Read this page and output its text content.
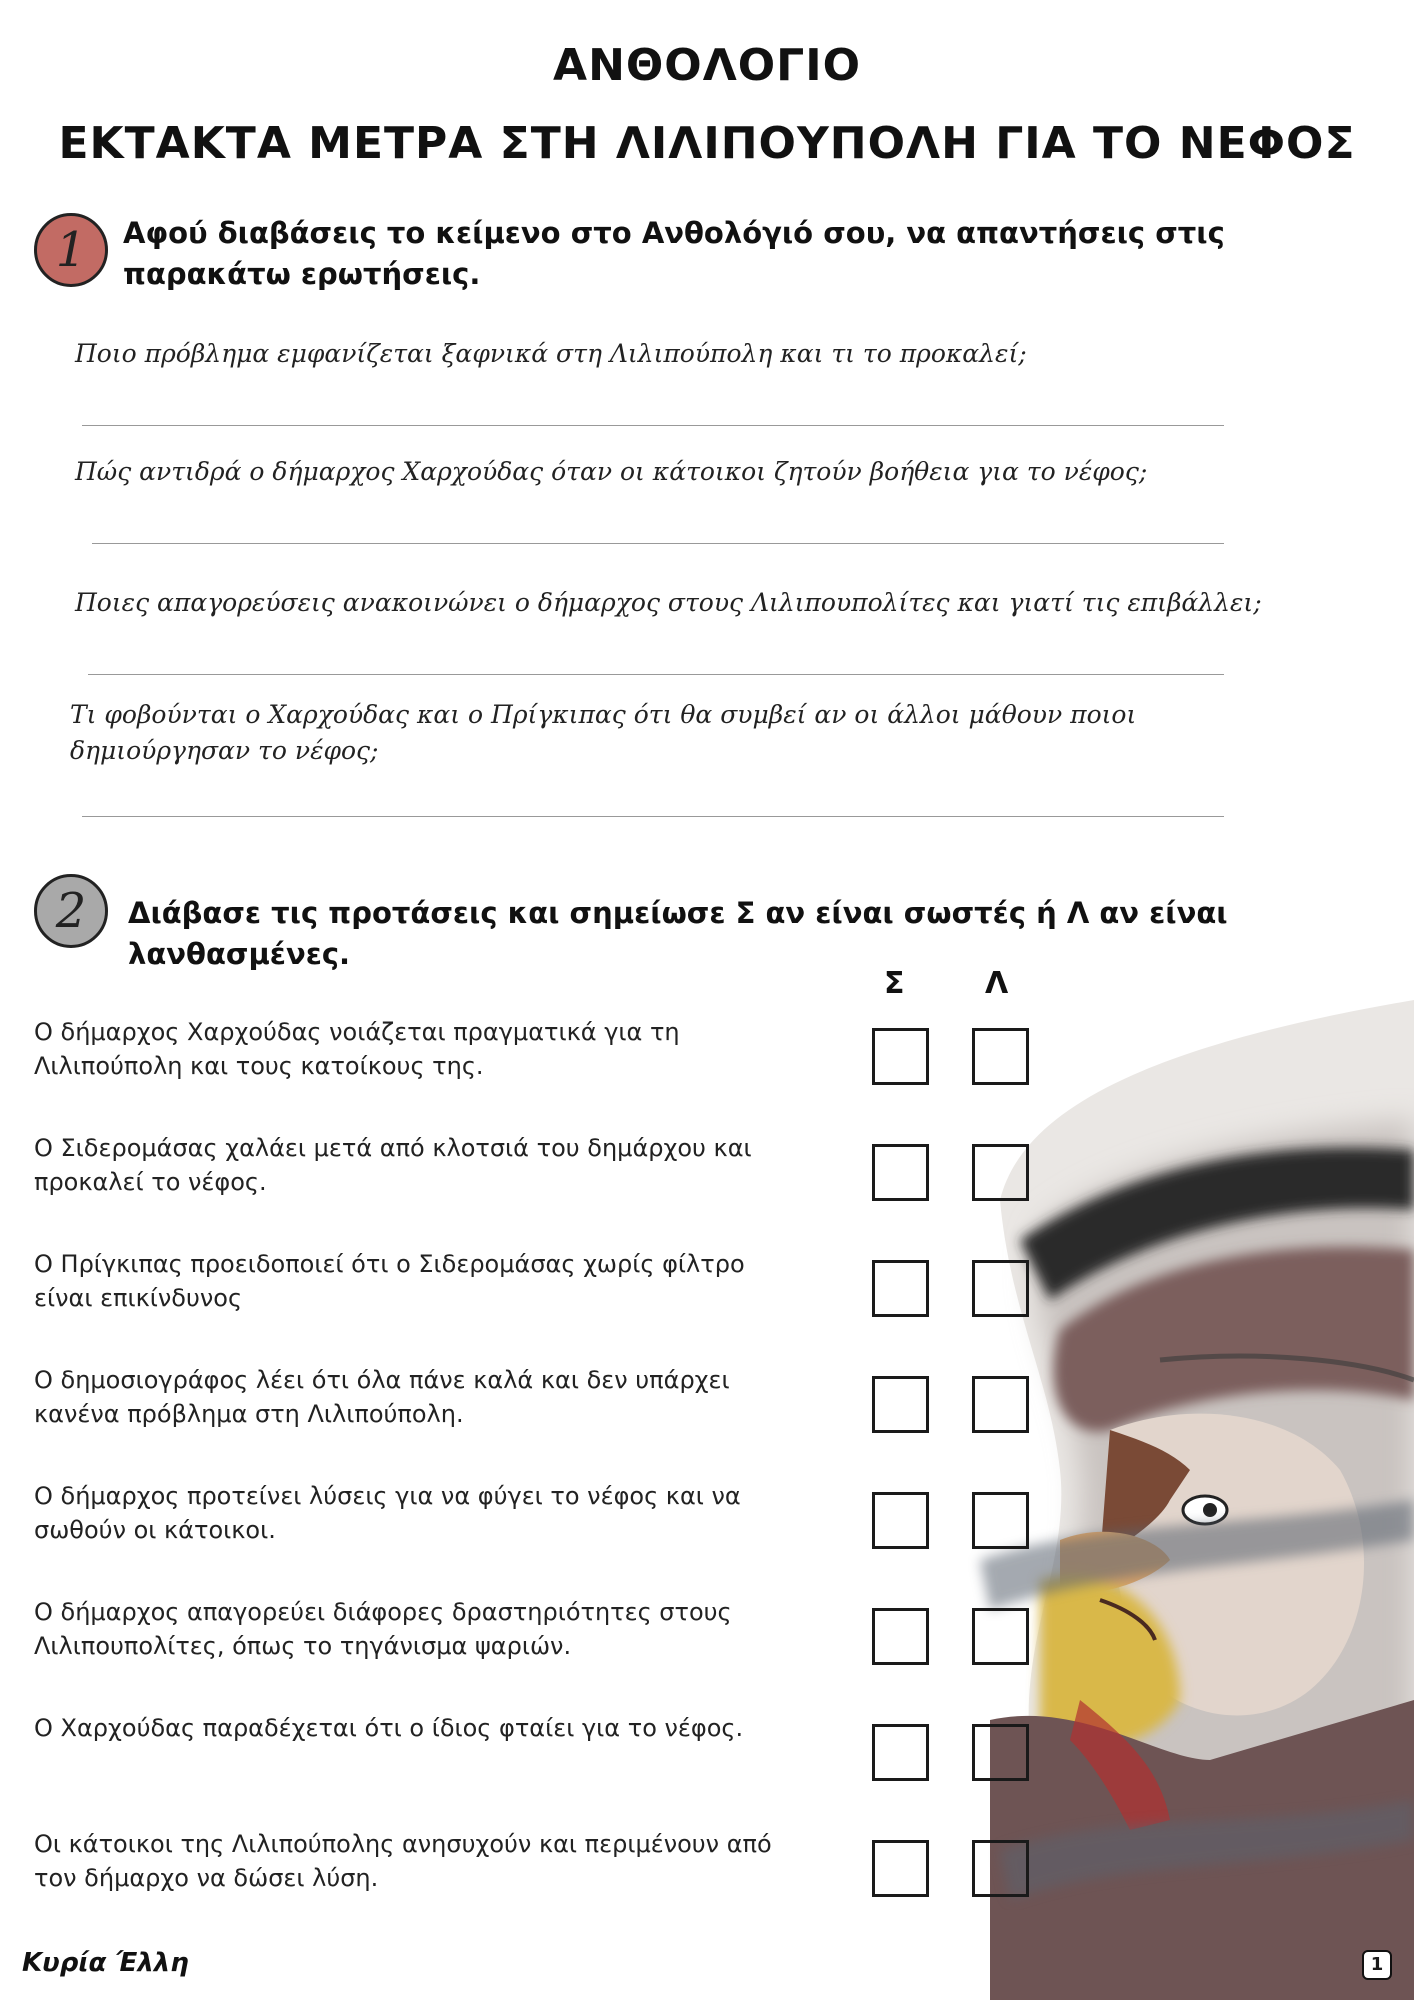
ΑΝΘΟΛΟΓΙΟ
ΕΚΤΑΚΤΑ ΜΕΤΡΑ ΣΤΗ ΛΙΛΙΠΟΥΠΟΛΗ ΓΙΑ ΤΟ ΝΕΦΟΣ
1	Αφού διαβάσεις το κείμενο στο Ανθολόγιό σου, να απαντήσεις στις παρακάτω ερωτήσεις.
Ποιο πρόβλημα εμφανίζεται ξαφνικά στη Λιλιπούπολη και τι το προκαλεί;
Πώς αντιδρά ο δήμαρχος Χαρχούδας όταν οι κάτοικοι ζητούν βοήθεια για το νέφος;
Ποιες απαγορεύσεις ανακοινώνει ο δήμαρχος στους Λιλιπουπολίτες και γιατί τις επιβάλλει;
Τι φοβούνται ο Χαρχούδας και ο Πρίγκιπας ότι θα συμβεί αν οι άλλοι μάθουν ποιοι δημιούργησαν το νέφος;
2	Διάβασε τις προτάσεις και σημείωσε Σ αν είναι σωστές ή Λ αν είναι λανθασμένες.
Σ	Λ
Ο δήμαρχος Χαρχούδας νοιάζεται πραγματικά για τη Λιλιπούπολη και τους κατοίκους της.
Ο Σιδερομάσας χαλάει μετά από κλοτσιά του δημάρχου και προκαλεί το νέφος.
Ο Πρίγκιπας προειδοποιεί ότι ο Σιδερομάσας χωρίς φίλτρο είναι επικίνδυνος
Ο δημοσιογράφος λέει ότι όλα πάνε καλά και δεν υπάρχει κανένα πρόβλημα στη Λιλιπούπολη.
Ο δήμαρχος προτείνει λύσεις για να φύγει το νέφος και να σωθούν οι κάτοικοι.
Ο δήμαρχος απαγορεύει διάφορες δραστηριότητες στους Λιλιπουπολίτες, όπως το τηγάνισμα ψαριών.
Ο Χαρχούδας παραδέχεται ότι ο ίδιος φταίει για το νέφος.
Οι κάτοικοι της Λιλιπούπολης ανησυχούν και περιμένουν από τον δήμαρχο να δώσει λύση.
Κυρία Έλλη	1
